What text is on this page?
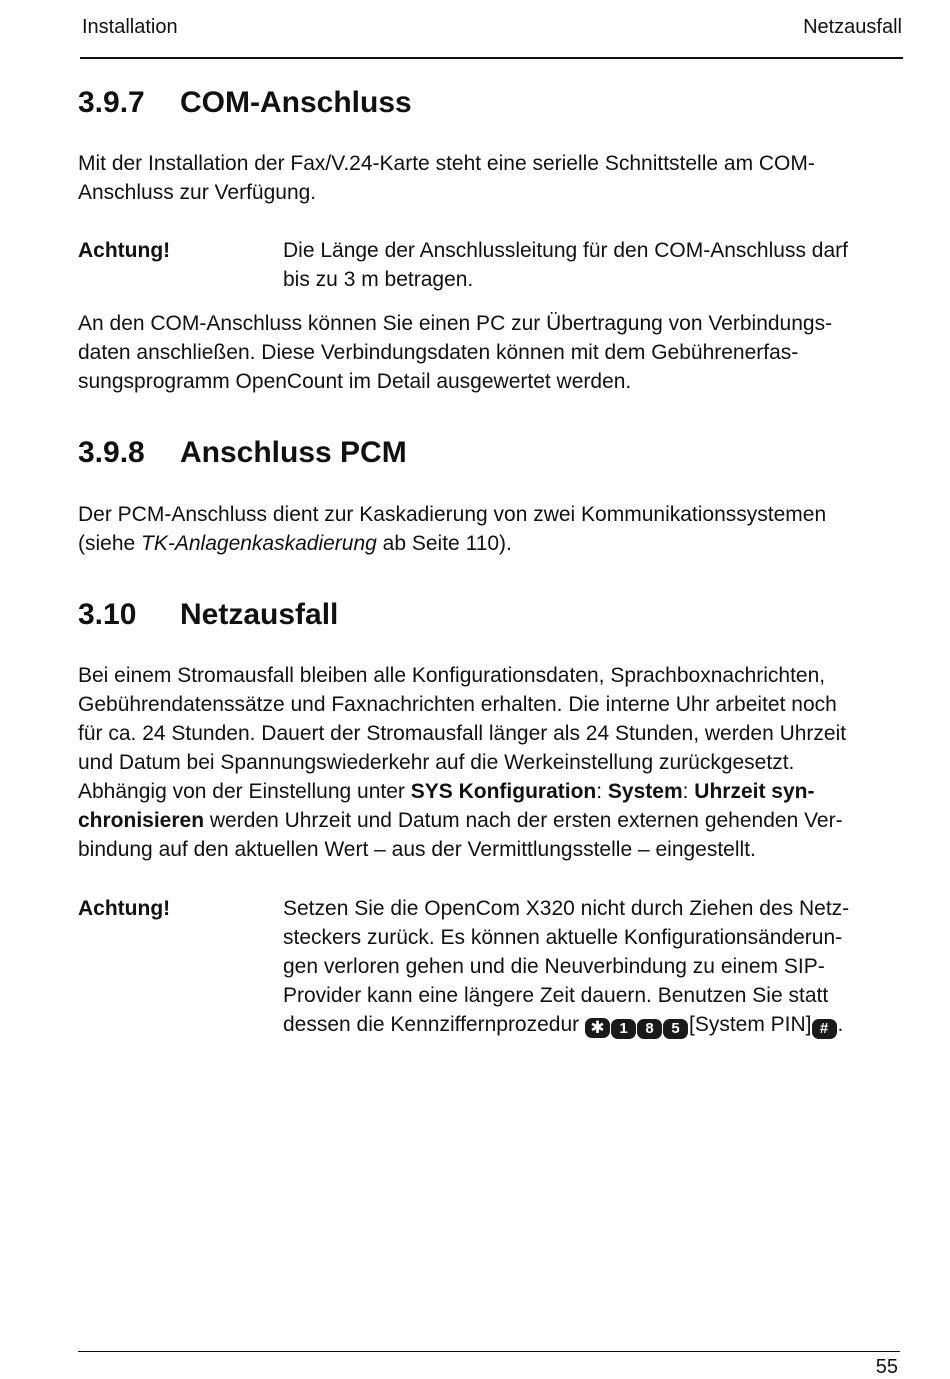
Installation	Netzausfall
3.9.7 COM-Anschluss

Mit der Installation der Fax/V.24-Karte steht eine serielle Schnittstelle am COM-
Anschluss zur Verfügung.

Achtung!	Die Länge der Anschlussleitung für den COM-Anschluss darf
bis zu 3 m betragen.

An den COM-Anschluss können Sie einen PC zur Übertragung von Verbindungs-
daten anschließen. Diese Verbindungsdaten können mit dem Gebührenerfas-
sungsprogramm OpenCount im Detail ausgewertet werden.

3.9.8 Anschluss PCM

Der PCM-Anschluss dient zur Kaskadierung von zwei Kommunikationssystemen
(siehe TK-Anlagenkaskadierung ab Seite 110).

3.10 Netzausfall

Bei einem Stromausfall bleiben alle Konfigurationsdaten, Sprachboxnachrichten,
Gebührendatenssätze und Faxnachrichten erhalten. Die interne Uhr arbeitet noch
für ca. 24 Stunden. Dauert der Stromausfall länger als 24 Stunden, werden Uhrzeit
und Datum bei Spannungswiederkehr auf die Werkeinstellung zurückgesetzt.
Abhängig von der Einstellung unter SYS Konfiguration: System: Uhrzeit syn-
chronisieren werden Uhrzeit und Datum nach der ersten externen gehenden Ver-
bindung auf den aktuellen Wert – aus der Vermittlungsstelle – eingestellt.

Achtung!	Setzen Sie die OpenCom X320 nicht durch Ziehen des Netz-
steckers zurück. Es können aktuelle Konfigurationsänderun-
gen verloren gehen und die Neuverbindung zu einem SIP-
Provider kann eine längere Zeit dauern. Benutzen Sie statt
dessen die Kennziffernprozedur ✱ 1 8 5 [System PIN] # .
55
